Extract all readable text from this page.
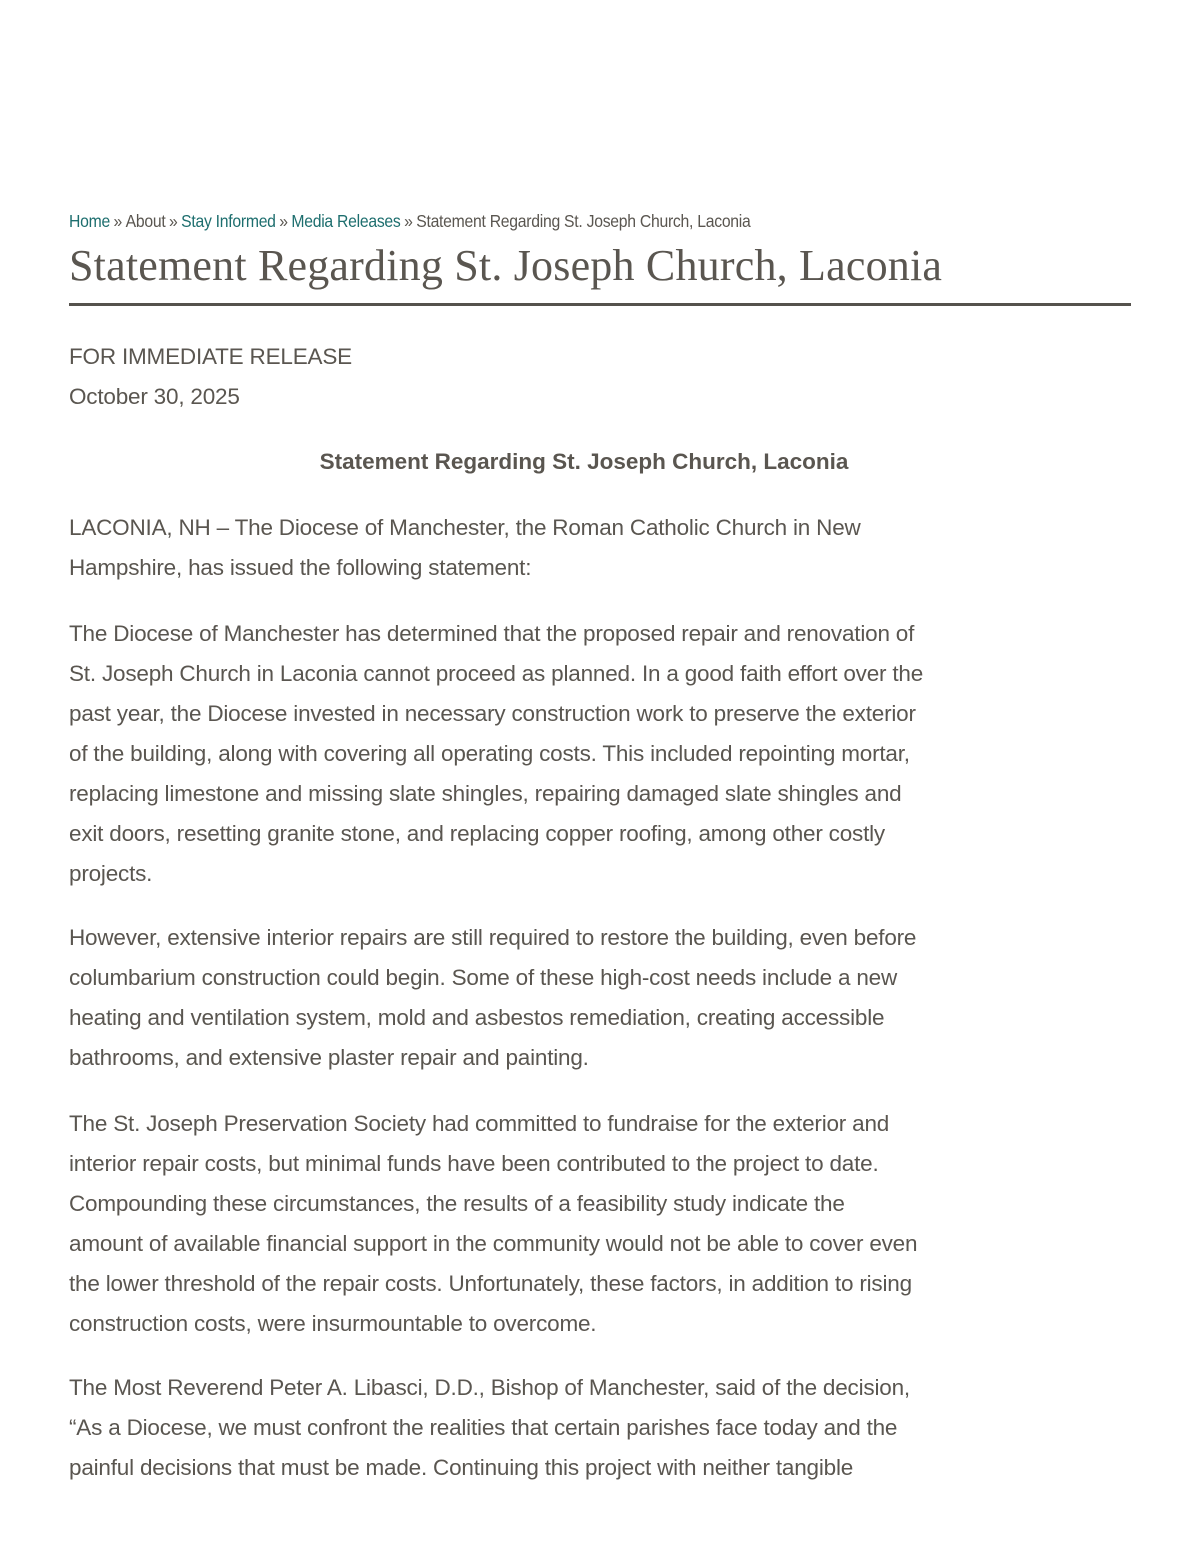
Home » About » Stay Informed » Media Releases » Statement Regarding St. Joseph Church, Laconia
Statement Regarding St. Joseph Church, Laconia
FOR IMMEDIATE RELEASE
October 30, 2025
Statement Regarding St. Joseph Church, Laconia

LACONIA, NH – The Diocese of Manchester, the Roman Catholic Church in New
Hampshire, has issued the following statement:

The Diocese of Manchester has determined that the proposed repair and renovation of
St. Joseph Church in Laconia cannot proceed as planned. In a good faith effort over the
past year, the Diocese invested in necessary construction work to preserve the exterior
of the building, along with covering all operating costs. This included repointing mortar,
replacing limestone and missing slate shingles, repairing damaged slate shingles and
exit doors, resetting granite stone, and replacing copper roofing, among other costly
projects.

However, extensive interior repairs are still required to restore the building, even before
columbarium construction could begin. Some of these high-cost needs include a new
heating and ventilation system, mold and asbestos remediation, creating accessible
bathrooms, and extensive plaster repair and painting.

The St. Joseph Preservation Society had committed to fundraise for the exterior and
interior repair costs, but minimal funds have been contributed to the project to date.
Compounding these circumstances, the results of a feasibility study indicate the
amount of available financial support in the community would not be able to cover even
the lower threshold of the repair costs. Unfortunately, these factors, in addition to rising
construction costs, were insurmountable to overcome.

The Most Reverend Peter A. Libasci, D.D., Bishop of Manchester, said of the decision,
“As a Diocese, we must confront the realities that certain parishes face today and the
painful decisions that must be made. Continuing this project with neither tangible
